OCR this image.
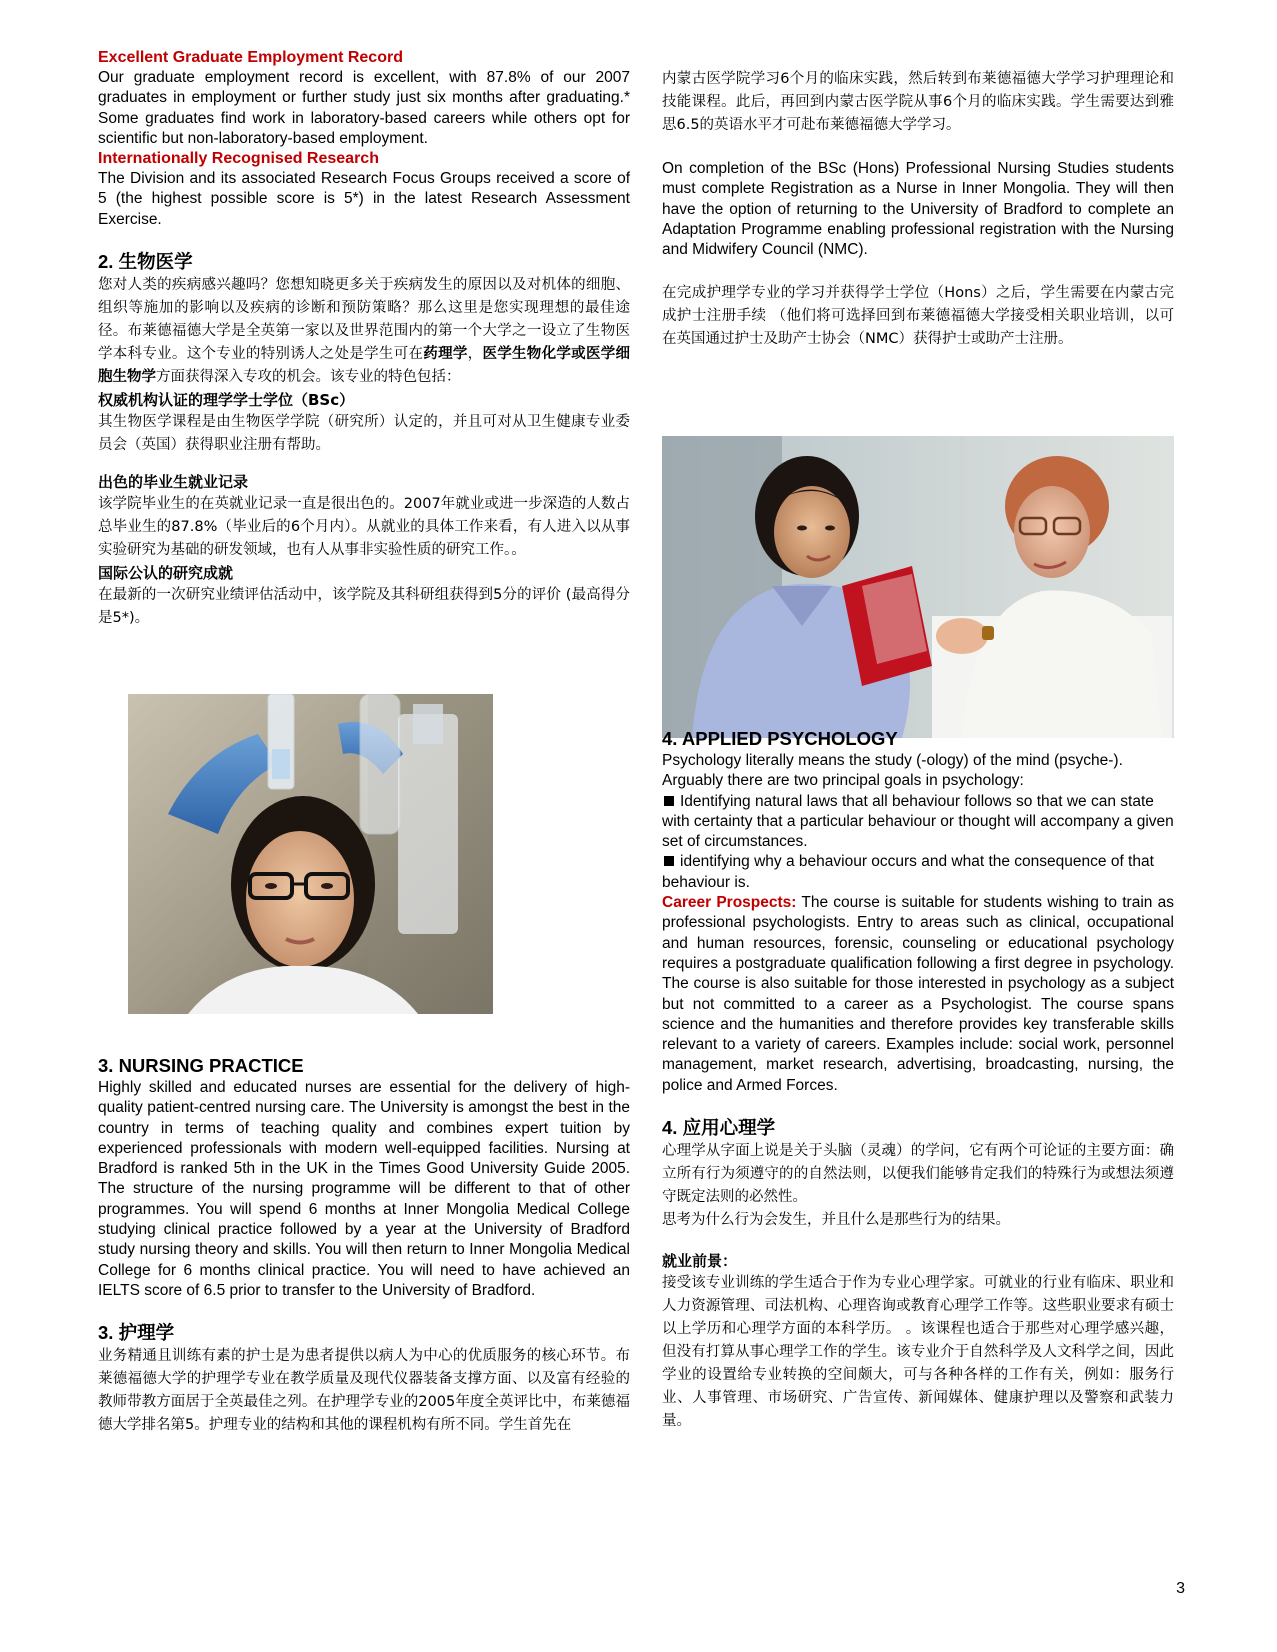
Excellent Graduate Employment Record

Our graduate employment record is excellent, with 87.8% of our 2007 graduates in employment or further study just six months after graduating.* Some graduates find work in laboratory-based careers while others opt for scientific but non-laboratory-based employment.

Internationally Recognised Research

The Division and its associated Research Focus Groups received a score of 5 (the highest possible score is 5*) in the latest Research Assessment Exercise.

2. 生物医学

您对人类的疾病感兴趣吗？您想知晓更多关于疾病发生的原因以及对机体的细胞、组织等施加的影响以及疾病的诊断和预防策略？那么这里是您实现理想的最佳途径。布莱德福德大学是全英第一家以及世界范围内的第一个大学之一设立了生物医学本科专业。这个专业的特别诱人之处是学生可在药理学，医学生物化学或医学细胞生物学方面获得深入专攻的机会。该专业的特色包括：

权威机构认证的理学学士学位（BSc）

其生物医学课程是由生物医学学院（研究所）认定的，并且可对从卫生健康专业委员会（英国）获得职业注册有帮助。

出色的毕业生就业记录

该学院毕业生的在英就业记录一直是很出色的。2007年就业或进一步深造的人数占总毕业生的87.8%（毕业后的6个月内）。从就业的具体工作来看，有人进入以从事实验研究为基础的研发领域，也有人从事非实验性质的研究工作。。

国际公认的研究成就

在最新的一次研究业绩评估活动中，该学院及其科研组获得到5分的评价 (最高得分是5*)。

3. NURSING PRACTICE

Highly skilled and educated nurses are essential for the delivery of high-quality patient-centred nursing care. The University is amongst the best in the country in terms of teaching quality and combines expert tuition by experienced professionals with modern well-equipped facilities. Nursing at Bradford is ranked 5th in the UK in the Times Good University Guide 2005. The structure of the nursing programme will be different to that of other programmes. You will spend 6 months at Inner Mongolia Medical College studying clinical practice followed by a year at the University of Bradford study nursing theory and skills. You will then return to Inner Mongolia Medical College for 6 months clinical practice. You will need to have achieved an IELTS score of 6.5 prior to transfer to the University of Bradford.

3. 护理学

业务精通且训练有素的护士是为患者提供以病人为中心的优质服务的核心环节。布莱德福德大学的护理学专业在教学质量及现代仪器装备支撑方面、以及富有经验的教师带教方面居于全英最佳之列。在护理学专业的2005年度全英评比中，布莱德福德大学排名第5。护理专业的结构和其他的课程机构有所不同。学生首先在

内蒙古医学院学习6个月的临床实践，然后转到布莱德福德大学学习护理理论和技能课程。此后，再回到内蒙古医学院从事6个月的临床实践。学生需要达到雅思6.5的英语水平才可赴布莱德福德大学学习。

On completion of the BSc (Hons) Professional Nursing Studies students must complete Registration as a Nurse in Inner Mongolia. They will then have the option of returning to the University of Bradford to complete an Adaptation Programme enabling professional registration with the Nursing and Midwifery Council (NMC).

在完成护理学专业的学习并获得学士学位（Hons）之后，学生需要在内蒙古完成护士注册手续 （他们将可选择回到布莱德福德大学接受相关职业培训，以可在英国通过护士及助产士协会（NMC）获得护士或助产士注册。

4. APPLIED PSYCHOLOGY

Psychology literally means the study (-ology) of the mind (psyche-). Arguably there are two principal goals in psychology:

Identifying natural laws that all behaviour follows so that we can state with certainty that a particular behaviour or thought will accompany a given set of circumstances.

identifying why a behaviour occurs and what the consequence of that behaviour is.

Career Prospects: The course is suitable for students wishing to train as professional psychologists. Entry to areas such as clinical, occupational and human resources, forensic, counseling or educational psychology requires a postgraduate qualification following a first degree in psychology. The course is also suitable for those interested in psychology as a subject but not committed to a career as a Psychologist. The course spans science and the humanities and therefore provides key transferable skills relevant to a variety of careers. Examples include: social work, personnel management, market research, advertising, broadcasting, nursing, the police and Armed Forces.

4. 应用心理学

心理学从字面上说是关于头脑（灵魂）的学问，它有两个可论证的主要方面：确立所有行为须遵守的的自然法则，以便我们能够肯定我们的特殊行为或想法须遵守既定法则的必然性。

思考为什么行为会发生，并且什么是那些行为的结果。

就业前景：

接受该专业训练的学生适合于作为专业心理学家。可就业的行业有临床、职业和人力资源管理、司法机构、心理咨询或教育心理学工作等。这些职业要求有硕士以上学历和心理学方面的本科学历。 。该课程也适合于那些对心理学感兴趣，但没有打算从事心理学工作的学生。该专业介于自然科学及人文科学之间，因此学业的设置给专业转换的空间颇大，可与各种各样的工作有关，例如：服务行业、人事管理、市场研究、广告宣传、新闻媒体、健康护理以及警察和武装力量。

3
